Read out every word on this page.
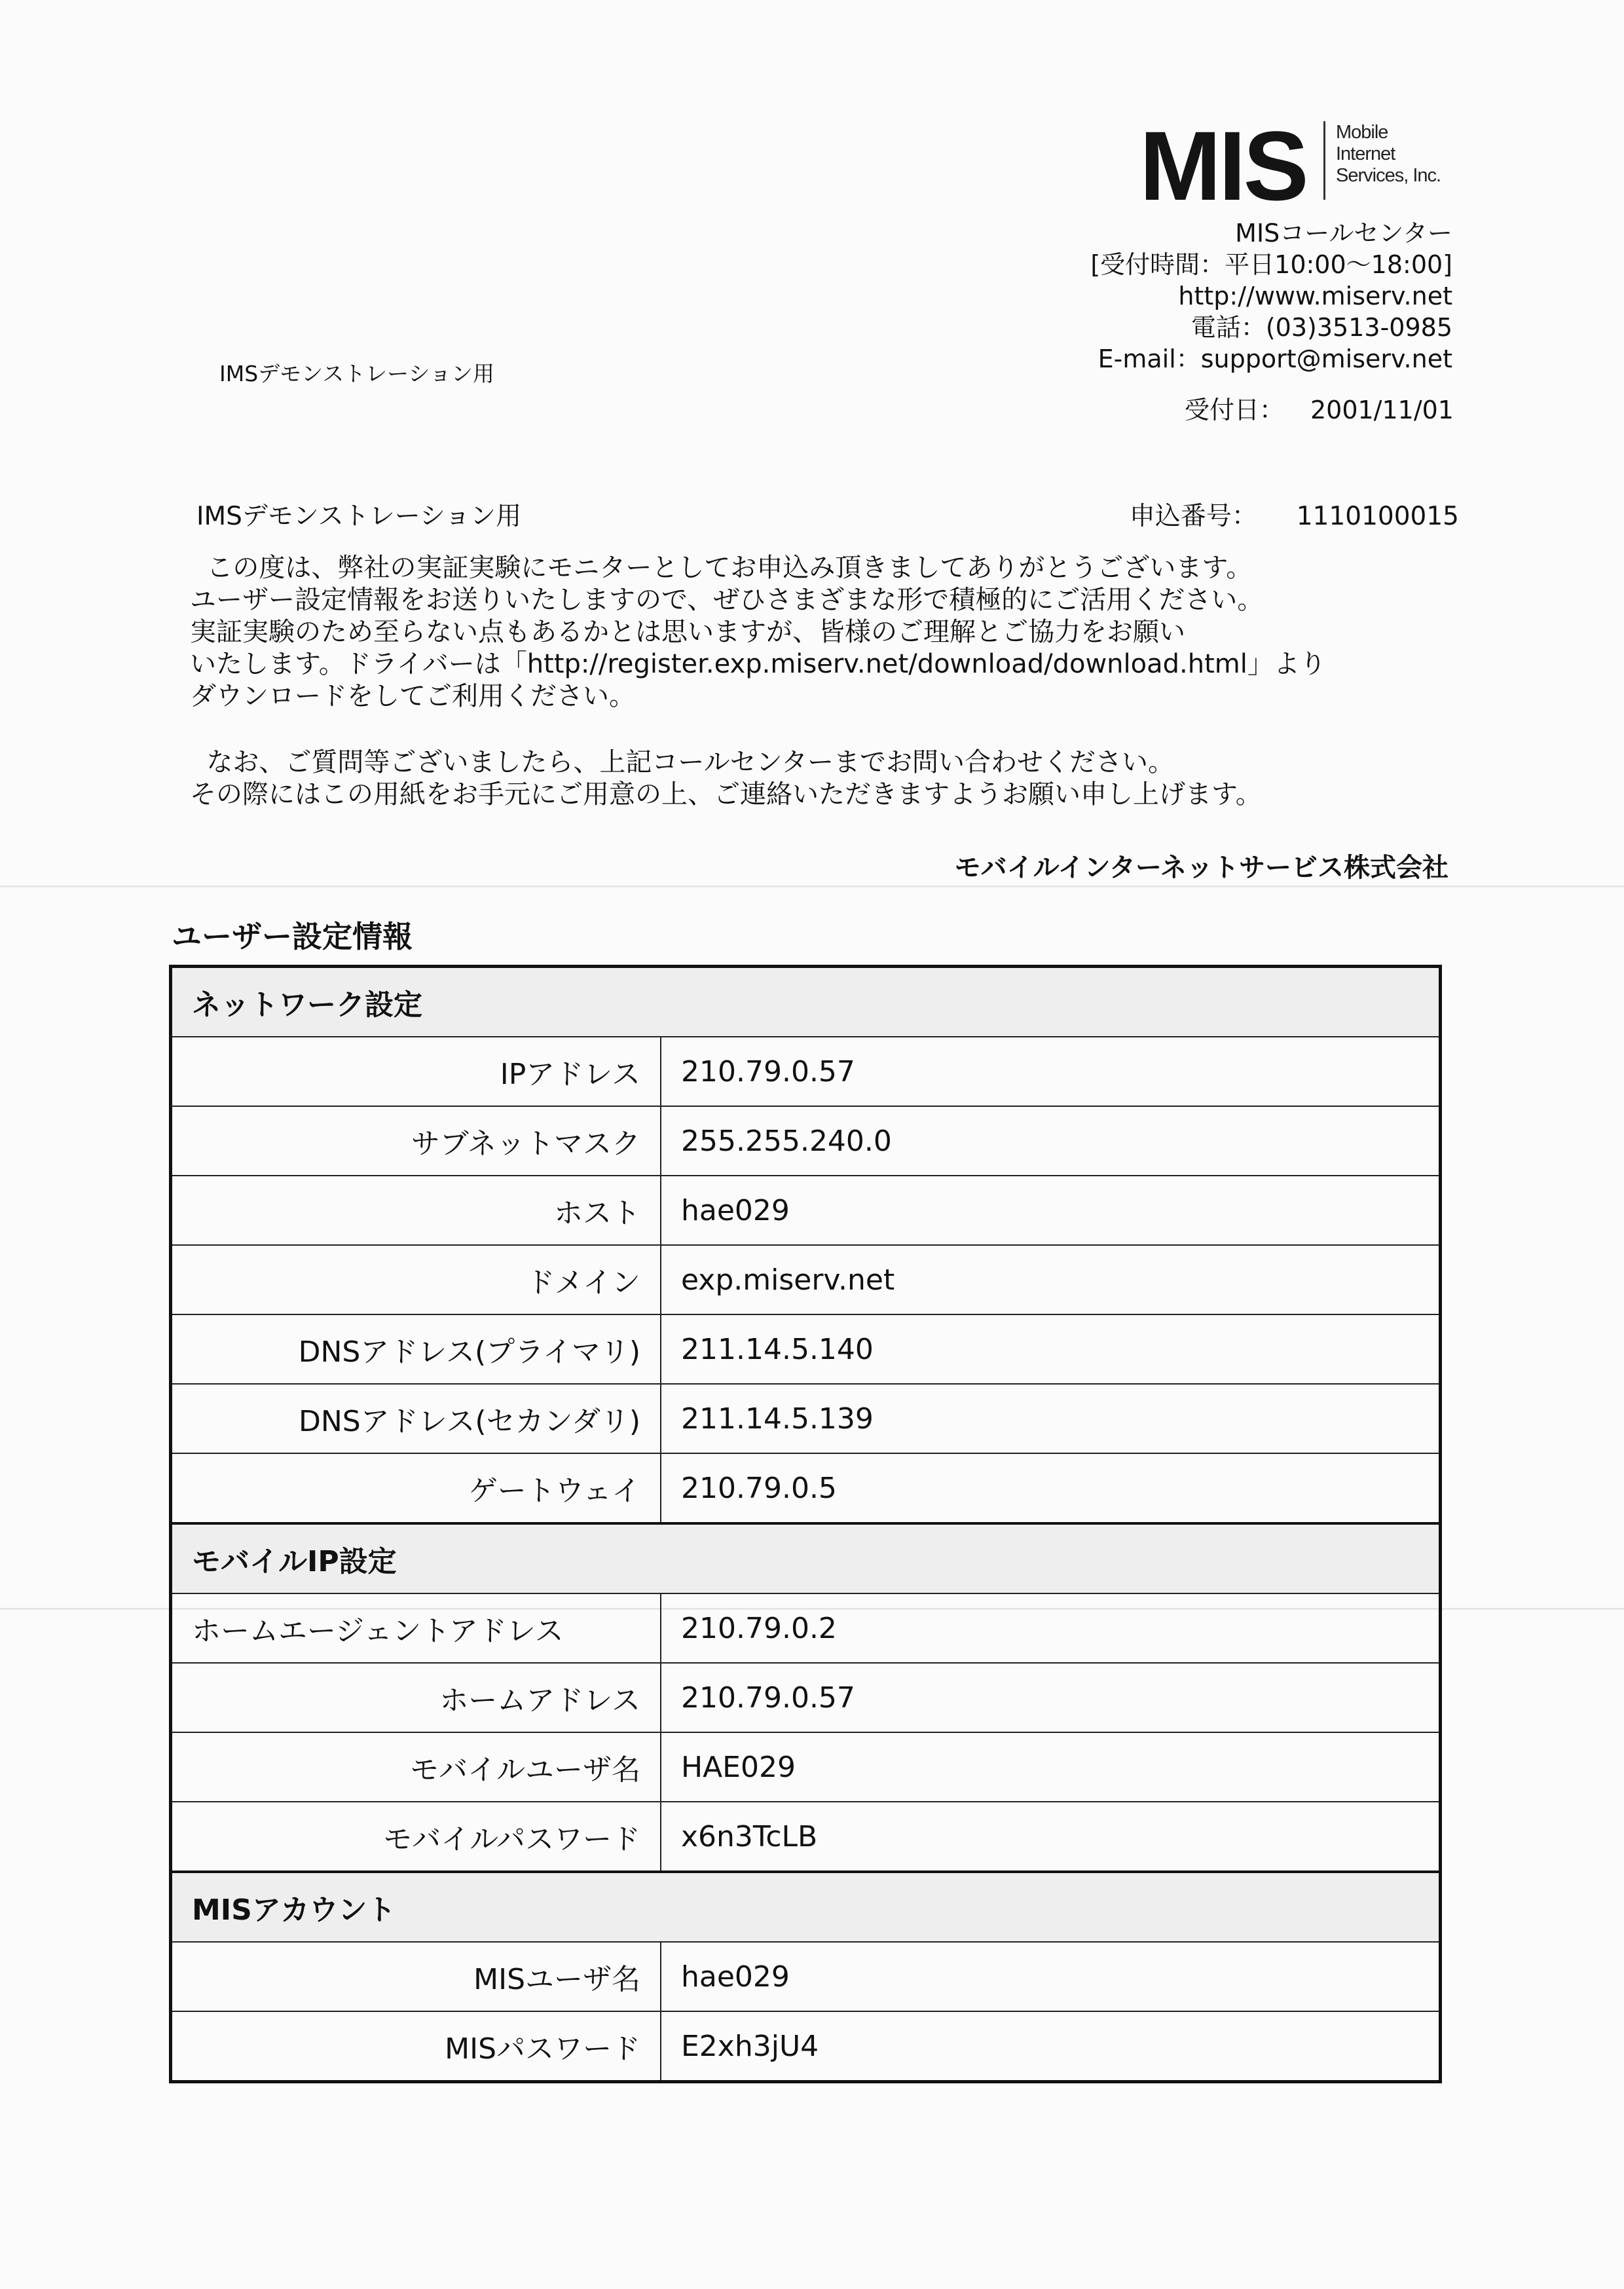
MIS Mobile
Internet
Services, Inc.
MISコールセンター
[受付時間：平日10:00～18:00]
http://www.miserv.net
電話：(03)3513-0985
E-mail：support@miserv.net
受付日： 2001/11/01
IMSデモンストレーション用
IMSデモンストレーション用	申込番号： 1110100015
この度は、弊社の実証実験にモニターとしてお申込み頂きましてありがとうございます。
ユーザー設定情報をお送りいたしますので、ぜひさまざまな形で積極的にご活用ください。
実証実験のため至らない点もあるかとは思いますが、皆様のご理解とご協力をお願い
いたします。ドライバーは「http://register.exp.miserv.net/download/download.html」より
ダウンロードをしてご利用ください。
なお、ご質問等ございましたら、上記コールセンターまでお問い合わせください。
その際にはこの用紙をお手元にご用意の上、ご連絡いただきますようお願い申し上げます。
モバイルインターネットサービス株式会社
ユーザー設定情報
ネットワーク設定	
IPアドレス	210.79.0.57
サブネットマスク	255.255.240.0
ホスト	hae029
ドメイン	exp.miserv.net
DNSアドレス(プライマリ)	211.14.5.140
DNSアドレス(セカンダリ)	211.14.5.139
ゲートウェイ	210.79.0.5
モバイルIP設定	
ホームエージェントアドレス	210.79.0.2
ホームアドレス	210.79.0.57
モバイルユーザ名	HAE029
モバイルパスワード	x6n3TcLB
MISアカウント	
MISユーザ名	hae029
MISパスワード	E2xh3jU4
